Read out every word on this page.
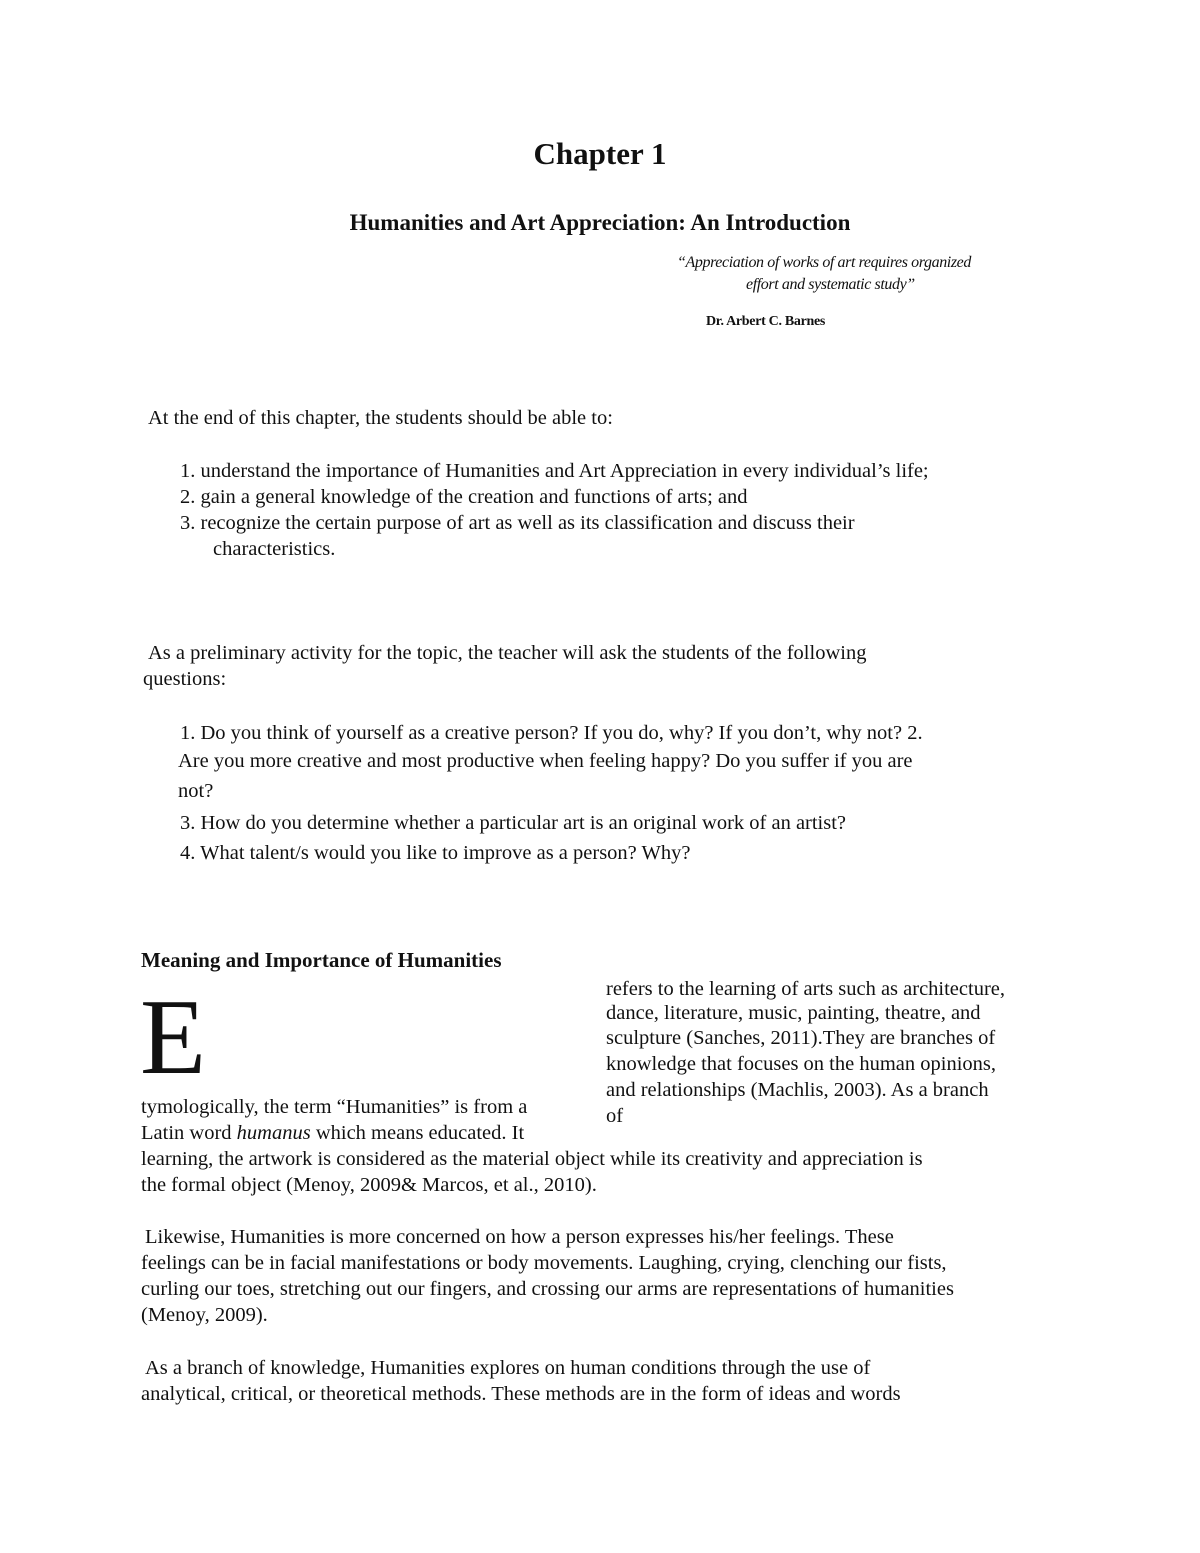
Chapter 1
Humanities and Art Appreciation: An Introduction
“Appreciation of works of art requires organized
effort and systematic study”
Dr. Arbert C. Barnes
At the end of this chapter, the students should be able to:
1. understand the importance of Humanities and Art Appreciation in every individual’s life;
2. gain a general knowledge of the creation and functions of arts; and
3. recognize the certain purpose of art as well as its classification and discuss their
characteristics.
As a preliminary activity for the topic, the teacher will ask the students of the following
questions:
1. Do you think of yourself as a creative person? If you do, why? If you don’t, why not? 2.
Are you more creative and most productive when feeling happy? Do you suffer if you are
not?
3. How do you determine whether a particular art is an original work of an artist?
4. What talent/s would you like to improve as a person? Why?
Meaning and Importance of Humanities
E	refers to the learning of arts such as architecture,
dance, literature, music, painting, theatre, and
sculpture (Sanches, 2011).They are branches of
knowledge that focuses on the human opinions,
and relationships (Machlis, 2003). As a branch
of
tymologically, the term “Humanities” is from a
Latin word humanus which means educated. It
learning, the artwork is considered as the material object while its creativity and appreciation is
the formal object (Menoy, 2009& Marcos, et al., 2010).
Likewise, Humanities is more concerned on how a person expresses his/her feelings. These
feelings can be in facial manifestations or body movements. Laughing, crying, clenching our fists,
curling our toes, stretching out our fingers, and crossing our arms are representations of humanities
(Menoy, 2009).
As a branch of knowledge, Humanities explores on human conditions through the use of
analytical, critical, or theoretical methods. These methods are in the form of ideas and words
